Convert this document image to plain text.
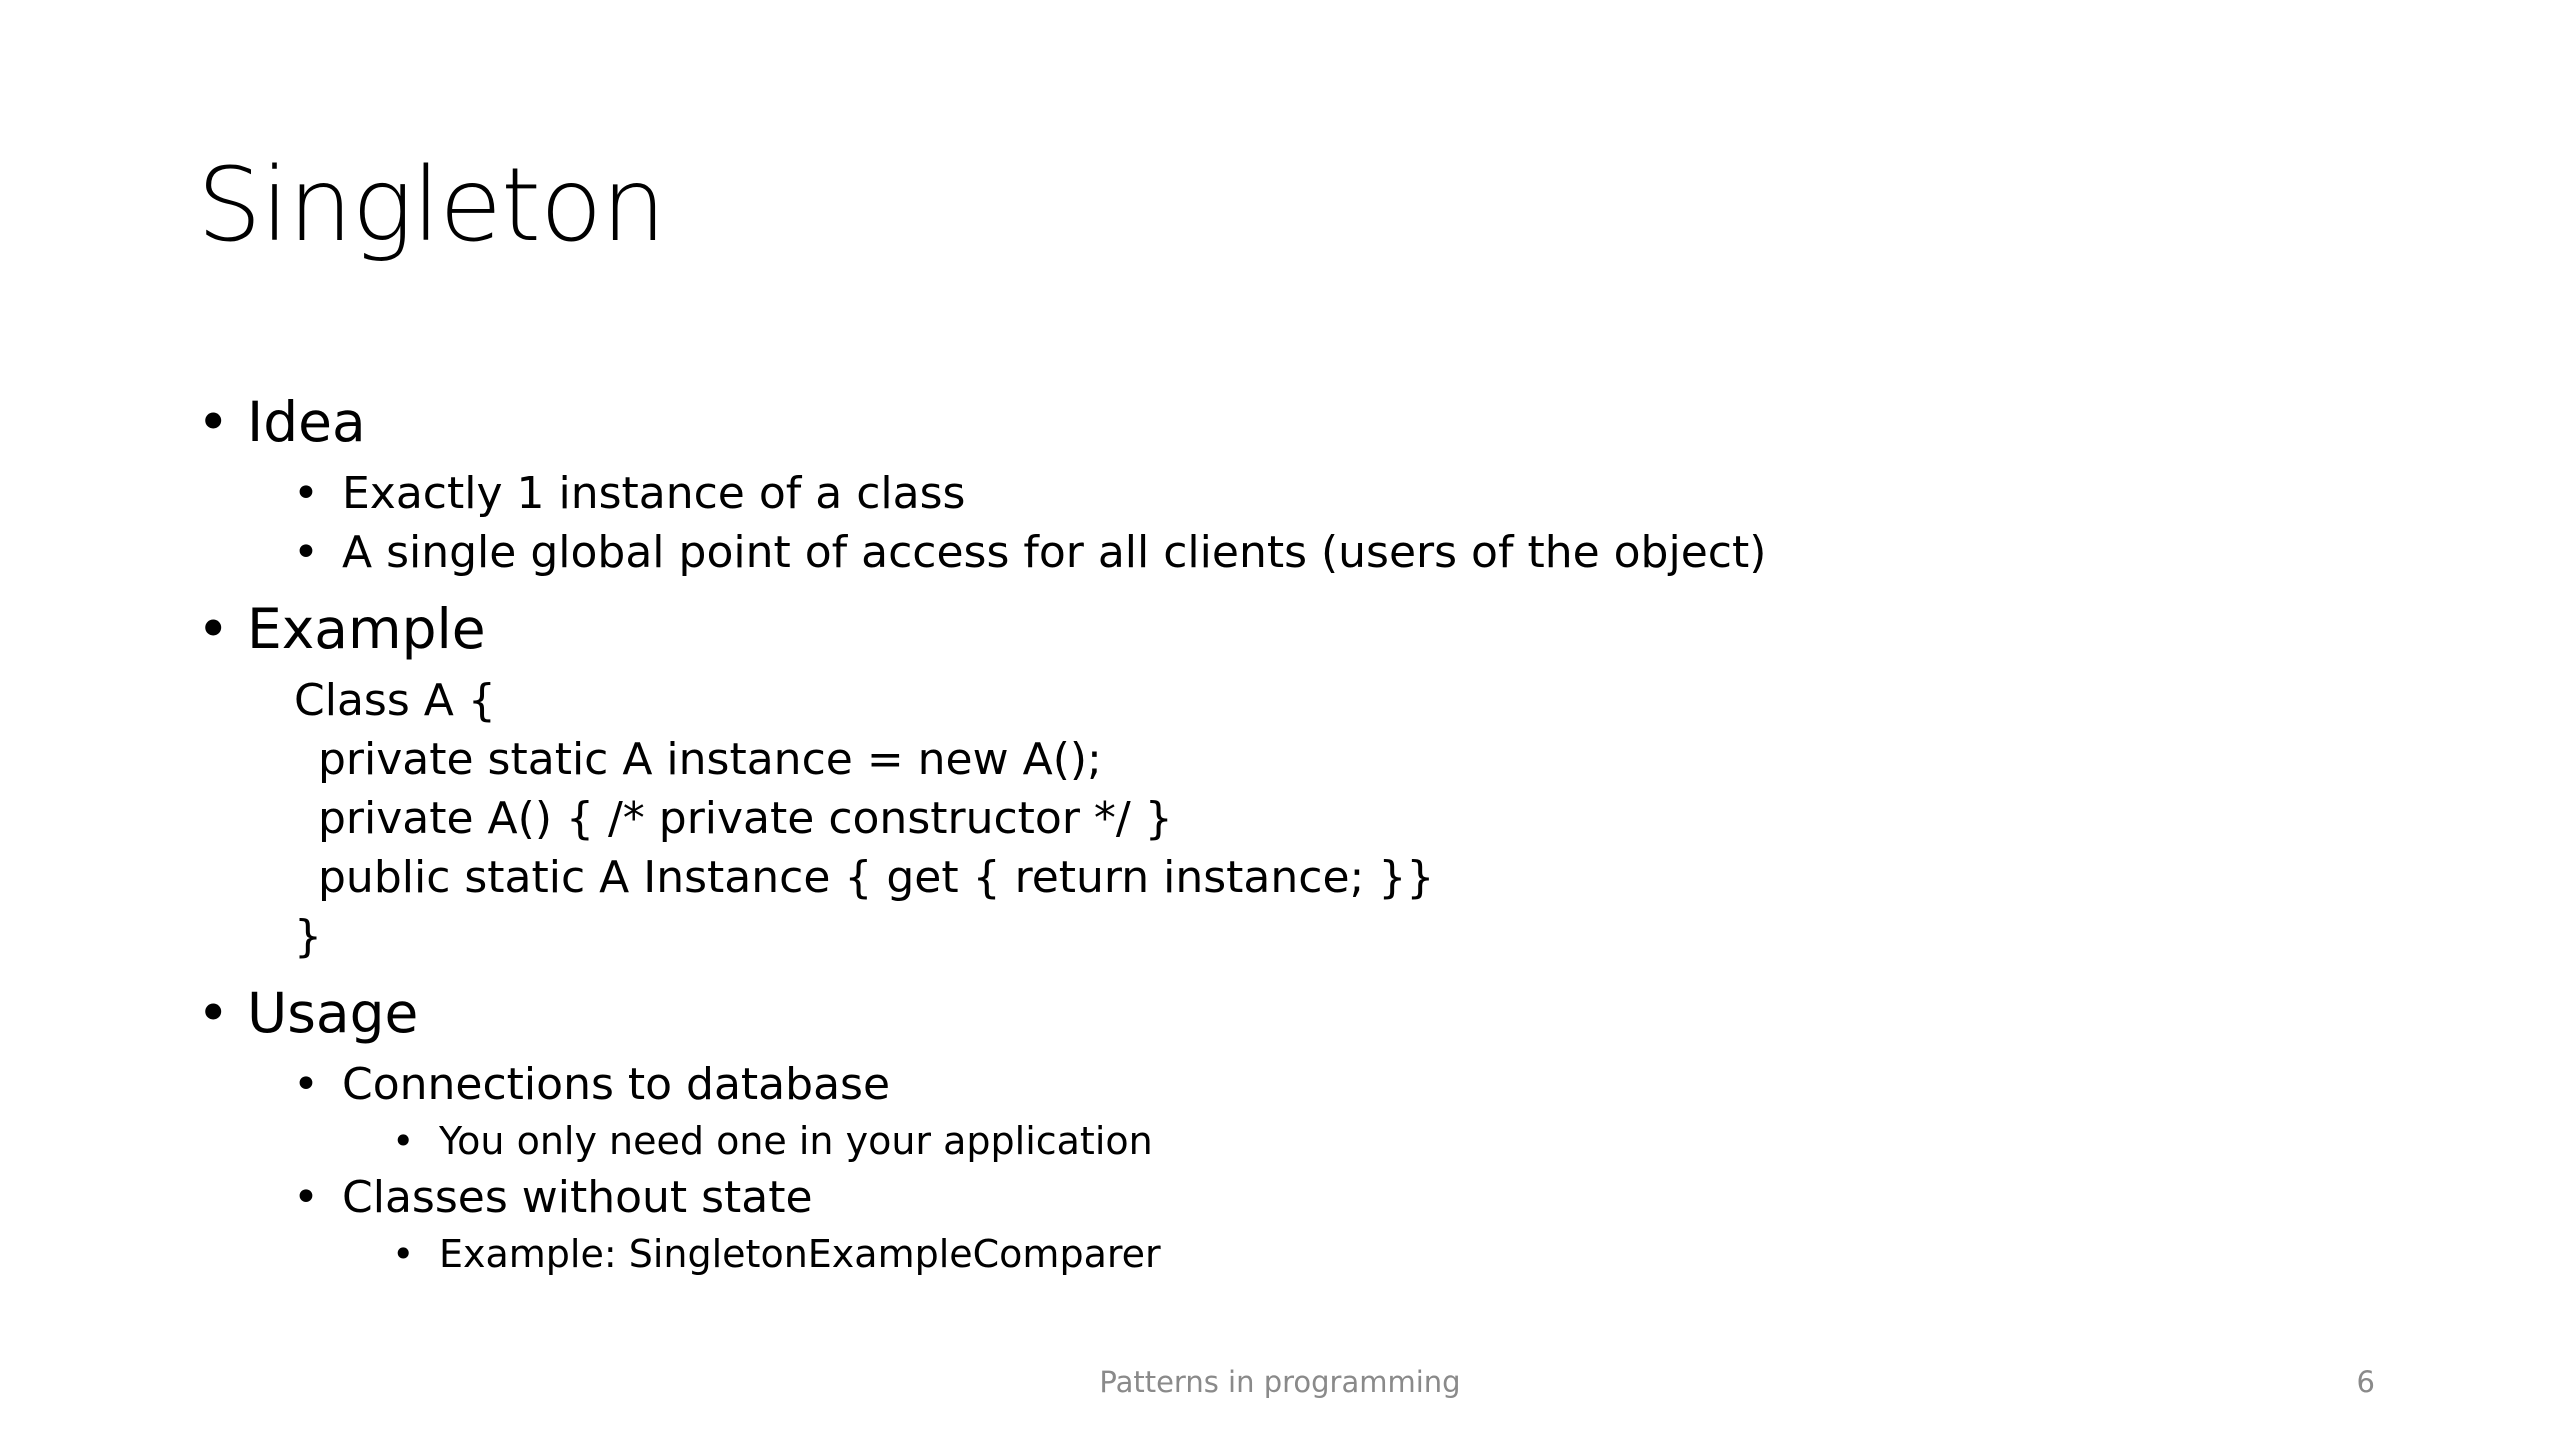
Singleton
• Idea
• Exactly 1 instance of a class
• A single global point of access for all clients (users of the object)
• Example
Class A {
private static A instance = new A();
private A() { /* private constructor */ }
public static A Instance { get { return instance; }}
}
• Usage
• Connections to database
• You only need one in your application
• Classes without state
• Example: SingletonExampleComparer
Patterns in programming	6
